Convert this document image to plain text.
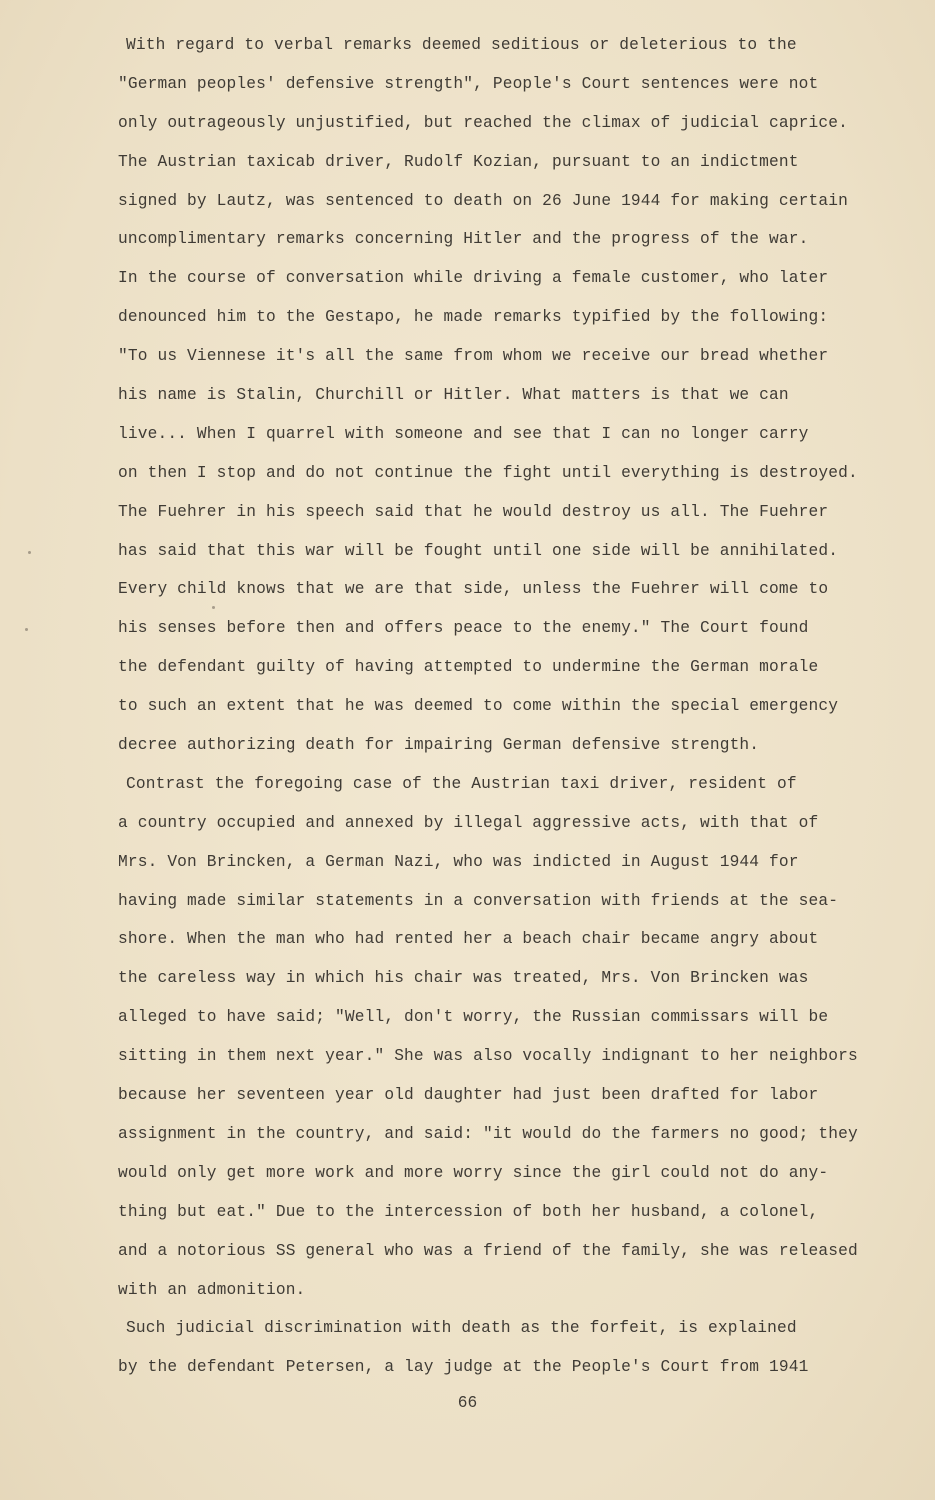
With regard to verbal remarks deemed seditious or deleterious to the
"German peoples' defensive strength", People's Court sentences were not
only outrageously unjustified, but reached the climax of judicial caprice.
The Austrian taxicab driver, Rudolf Kozian, pursuant to an indictment
signed by Lautz, was sentenced to death on 26 June 1944 for making certain
uncomplimentary remarks concerning Hitler and the progress of the war.
In the course of conversation while driving a female customer, who later
denounced him to the Gestapo, he made remarks typified by the following:
"To us Viennese it's all the same from whom we receive our bread whether
his name is Stalin, Churchill or Hitler. What matters is that we can
live... When I quarrel with someone and see that I can no longer carry
on then I stop and do not continue the fight until everything is destroyed.
The Fuehrer in his speech said that he would destroy us all. The Fuehrer
has said that this war will be fought until one side will be annihilated.
Every child knows that we are that side, unless the Fuehrer will come to
his senses before then and offers peace to the enemy." The Court found
the defendant guilty of having attempted to undermine the German morale
to such an extent that he was deemed to come within the special emergency
decree authorizing death for impairing German defensive strength.
Contrast the foregoing case of the Austrian taxi driver, resident of
a country occupied and annexed by illegal aggressive acts, with that of
Mrs. Von Brincken, a German Nazi, who was indicted in August 1944 for
having made similar statements in a conversation with friends at the sea-
shore. When the man who had rented her a beach chair became angry about
the careless way in which his chair was treated, Mrs. Von Brincken was
alleged to have said; "Well, don't worry, the Russian commissars will be
sitting in them next year." She was also vocally indignant to her neighbors
because her seventeen year old daughter had just been drafted for labor
assignment in the country, and said: "it would do the farmers no good; they
would only get more work and more worry since the girl could not do any-
thing but eat." Due to the intercession of both her husband, a colonel,
and a notorious SS general who was a friend of the family, she was released
with an admonition.
Such judicial discrimination with death as the forfeit, is explained
by the defendant Petersen, a lay judge at the People's Court from 1941
66
